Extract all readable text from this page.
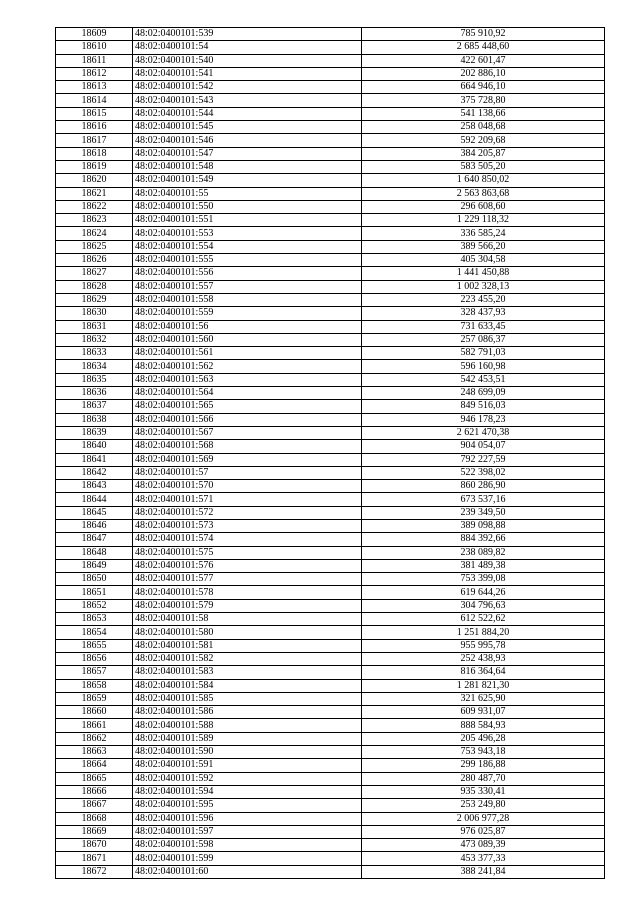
18609	48:02:0400101:539	785 910,92
18610	48:02:0400101:54	2 685 448,60
18611	48:02:0400101:540	422 601,47
18612	48:02:0400101:541	202 886,10
18613	48:02:0400101:542	664 946,10
18614	48:02:0400101:543	375 728,80
18615	48:02:0400101:544	541 138,66
18616	48:02:0400101:545	258 048,68
18617	48:02:0400101:546	592 209,68
18618	48:02:0400101:547	384 205,87
18619	48:02:0400101:548	583 505,20
18620	48:02:0400101:549	1 640 850,02
18621	48:02:0400101:55	2 563 863,68
18622	48:02:0400101:550	296 608,60
18623	48:02:0400101:551	1 229 118,32
18624	48:02:0400101:553	336 585,24
18625	48:02:0400101:554	389 566,20
18626	48:02:0400101:555	405 304,58
18627	48:02:0400101:556	1 441 450,88
18628	48:02:0400101:557	1 002 328,13
18629	48:02:0400101:558	223 455,20
18630	48:02:0400101:559	328 437,93
18631	48:02:0400101:56	731 633,45
18632	48:02:0400101:560	257 086,37
18633	48:02:0400101:561	582 791,03
18634	48:02:0400101:562	596 160,98
18635	48:02:0400101:563	542 453,51
18636	48:02:0400101:564	248 699,09
18637	48:02:0400101:565	849 516,03
18638	48:02:0400101:566	946 178,23
18639	48:02:0400101:567	2 621 470,38
18640	48:02:0400101:568	904 054,07
18641	48:02:0400101:569	792 227,59
18642	48:02:0400101:57	522 398,02
18643	48:02:0400101:570	860 286,90
18644	48:02:0400101:571	673 537,16
18645	48:02:0400101:572	239 349,50
18646	48:02:0400101:573	389 098,88
18647	48:02:0400101:574	884 392,66
18648	48:02:0400101:575	238 089,82
18649	48:02:0400101:576	381 489,38
18650	48:02:0400101:577	753 399,08
18651	48:02:0400101:578	619 644,26
18652	48:02:0400101:579	304 796,63
18653	48:02:0400101:58	612 522,62
18654	48:02:0400101:580	1 251 884,20
18655	48:02:0400101:581	955 995,78
18656	48:02:0400101:582	252 438,93
18657	48:02:0400101:583	816 364,64
18658	48:02:0400101:584	1 281 821,30
18659	48:02:0400101:585	321 625,90
18660	48:02:0400101:586	609 931,07
18661	48:02:0400101:588	888 584,93
18662	48:02:0400101:589	205 496,28
18663	48:02:0400101:590	753 943,18
18664	48:02:0400101:591	299 186,88
18665	48:02:0400101:592	280 487,70
18666	48:02:0400101:594	935 330,41
18667	48:02:0400101:595	253 249,80
18668	48:02:0400101:596	2 006 977,28
18669	48:02:0400101:597	976 025,87
18670	48:02:0400101:598	473 089,39
18671	48:02:0400101:599	453 377,33
18672	48:02:0400101:60	388 241,84
